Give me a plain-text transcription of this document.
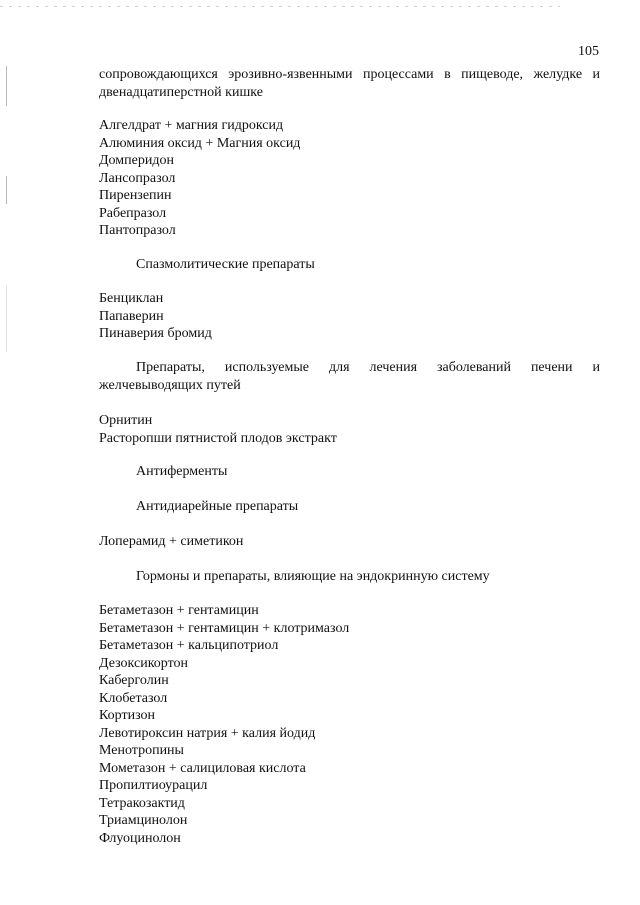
105
сопровождающихся эрозивно-язвенными процессами в пищеводе, желудке и двенадцатиперстной кишке
Алгелдрат + магния гидроксид
Алюминия оксид + Магния оксид
Домперидон
Лансопразол
Пирензепин
Рабепразол
Пантопразол
Спазмолитические препараты
Бенциклан
Папаверин
Пинаверия бромид
Препараты, используемые для лечения заболеваний печени и желчевыводящих путей
Орнитин
Расторопши пятнистой плодов экстракт
Антиферменты
Антидиарейные препараты
Лоперамид + симетикон
Гормоны и препараты, влияющие на эндокринную систему
Бетаметазон + гентамицин
Бетаметазон + гентамицин + клотримазол
Бетаметазон + кальципотриол
Дезоксикортон
Каберголин
Клобетазол
Кортизон
Левотироксин натрия + калия йодид
Менотропины
Мометазон + салициловая кислота
Пропилтиоурацил
Тетракозактид
Триамцинолон
Флуоцинолон
